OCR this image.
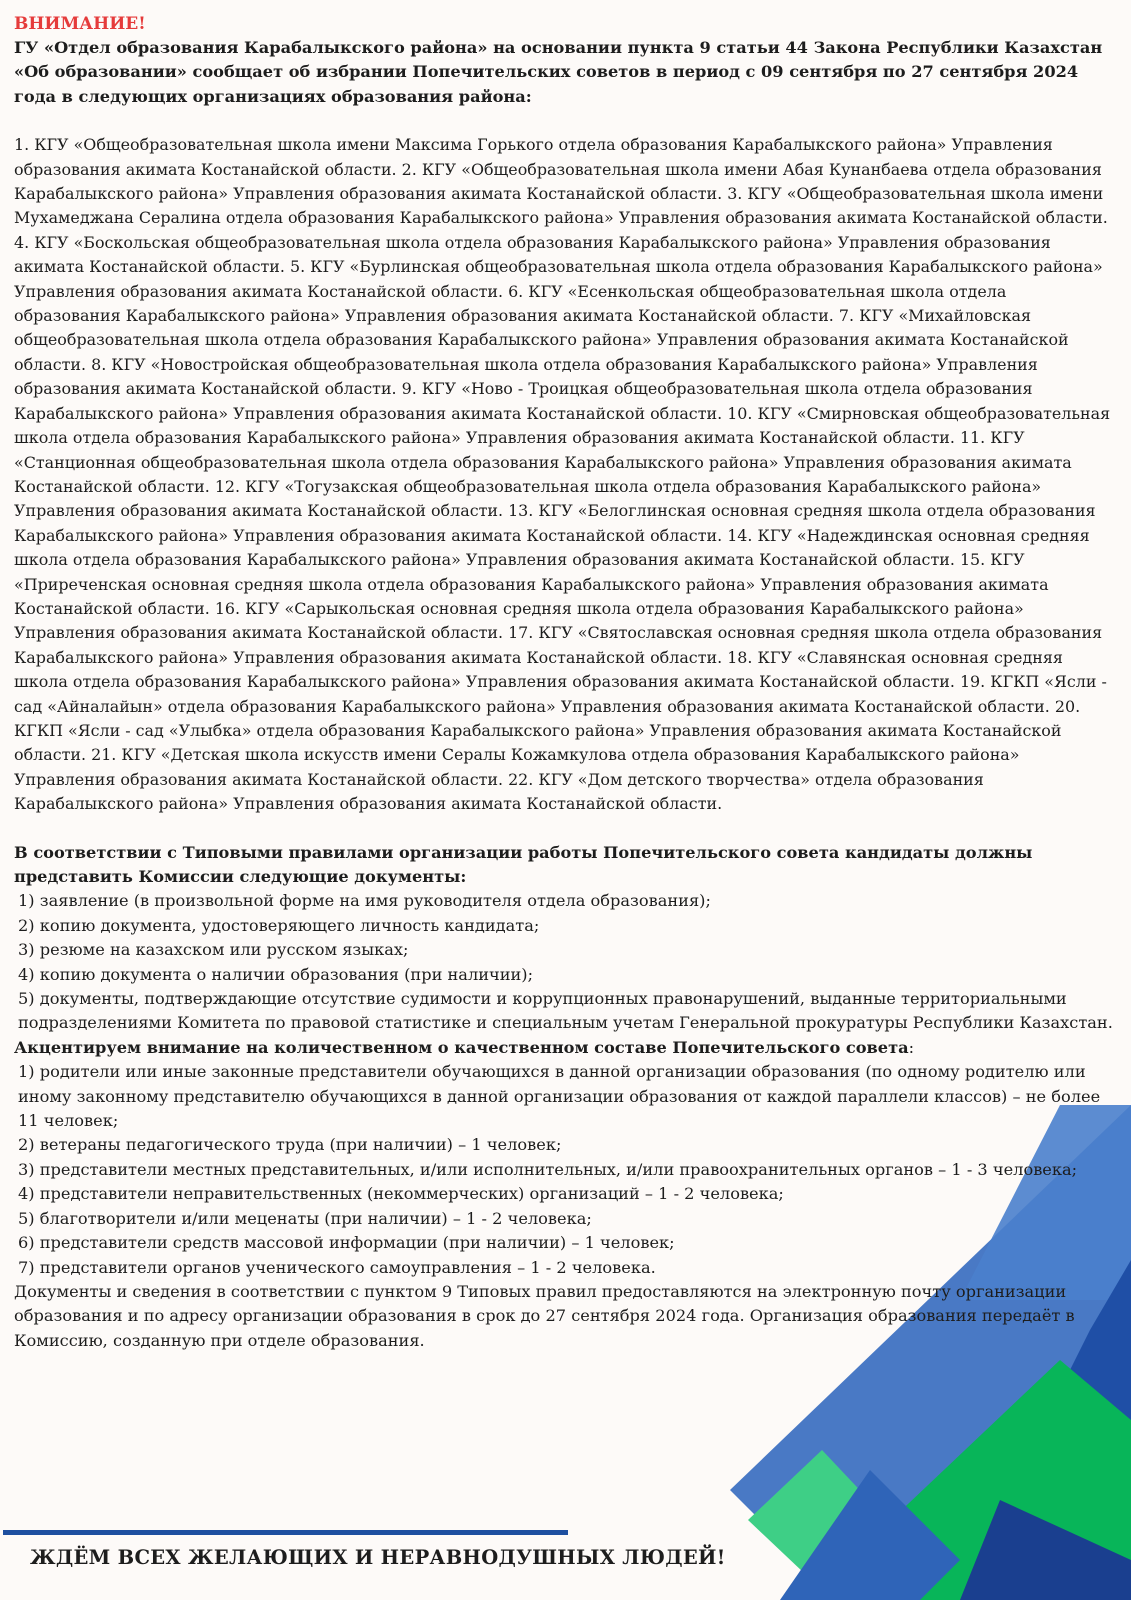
ВНИМАНИЕ!

ГУ «Отдел образования Карабалыкского района» на основании пункта 9 статьи 44 Закона Республики Казахстан «Об образовании» сообщает об избрании Попечительских советов в период с 09 сентября по 27 сентября 2024 года в следующих организациях образования района:

1. КГУ «Общеобразовательная школа имени Максима Горького отдела образования Карабалыкского района» Управления образования акимата Костанайской области. 2. КГУ «Общеобразовательная школа имени Абая Кунанбаева отдела образования Карабалыкского района» Управления образования акимата Костанайской области. 3. КГУ «Общеобразовательная школа имени Мухамеджана Сералина отдела образования Карабалыкского района» Управления образования акимата Костанайской области. 4. КГУ «Боскольская общеобразовательная школа отдела образования Карабалыкского района» Управления образования акимата Костанайской области. 5. КГУ «Бурлинская общеобразовательная школа отдела образования Карабалыкского района» Управления образования акимата Костанайской области. 6. КГУ «Есенкольская общеобразовательная школа отдела образования Карабалыкского района» Управления образования акимата Костанайской области. 7. КГУ «Михайловская общеобразовательная школа отдела образования Карабалыкского района» Управления образования акимата Костанайской области. 8. КГУ «Новостройская общеобразовательная школа отдела образования Карабалыкского района» Управления образования акимата Костанайской области. 9. КГУ «Ново - Троицкая общеобразовательная школа отдела образования Карабалыкского района» Управления образования акимата Костанайской области. 10. КГУ «Смирновская общеобразовательная школа отдела образования Карабалыкского района» Управления образования акимата Костанайской области. 11. КГУ «Станционная общеобразовательная школа отдела образования Карабалыкского района» Управления образования акимата Костанайской области. 12. КГУ «Тогузакская общеобразовательная школа отдела образования Карабалыкского района» Управления образования акимата Костанайской области. 13. КГУ «Белоглинская основная средняя школа отдела образования Карабалыкского района» Управления образования акимата Костанайской области. 14. КГУ «Надеждинская основная средняя школа отдела образования Карабалыкского района» Управления образования акимата Костанайской области. 15. КГУ «Приреченская основная средняя школа отдела образования Карабалыкского района» Управления образования акимата Костанайской области. 16. КГУ «Сарыкольская основная средняя школа отдела образования Карабалыкского района» Управления образования акимата Костанайской области. 17. КГУ «Святославская основная средняя школа отдела образования Карабалыкского района» Управления образования акимата Костанайской области. 18. КГУ «Славянская основная средняя школа отдела образования Карабалыкского района» Управления образования акимата Костанайской области. 19. КГКП «Ясли - сад «Айналайын» отдела образования Карабалыкского района» Управления образования акимата Костанайской области. 20. КГКП «Ясли - сад «Улыбка» отдела образования Карабалыкского района» Управления образования акимата Костанайской области. 21. КГУ «Детская школа искусств имени Сералы Кожамкулова отдела образования Карабалыкского района» Управления образования акимата Костанайской области. 22. КГУ «Дом детского творчества» отдела образования Карабалыкского района» Управления образования акимата Костанайской области.

В соответствии с Типовыми правилами организации работы Попечительского совета кандидаты должны представить Комиссии следующие документы:
1) заявление (в произвольной форме на имя руководителя отдела образования);
2) копию документа, удостоверяющего личность кандидата;
3) резюме на казахском или русском языках;
4) копию документа о наличии образования (при наличии);
5) документы, подтверждающие отсутствие судимости и коррупционных правонарушений, выданные территориальными подразделениями Комитета по правовой статистике и специальным учетам Генеральной прокуратуры Республики Казахстан.
Акцентируем внимание на количественном о качественном составе Попечительского совета:
1) родители или иные законные представители обучающихся в данной организации образования (по одному родителю или иному законному представителю обучающихся в данной организации образования от каждой параллели классов) – не более 11 человек;
2) ветераны педагогического труда (при наличии) – 1 человек;
3) представители местных представительных, и/или исполнительных, и/или правоохранительных органов – 1 - 3 человека;
4) представители неправительственных (некоммерческих) организаций – 1 - 2 человека;
5) благотворители и/или меценаты (при наличии) – 1 - 2 человека;
6) представители средств массовой информации (при наличии) – 1 человек;
7) представители органов ученического самоуправления – 1 - 2 человека.
Документы и сведения в соответствии с пунктом 9 Типовых правил предоставляются на электронную почту организации образования и по адресу организации образования в срок до 27 сентября 2024 года. Организация образования передаёт в Комиссию, созданную при отделе образования.
ЖДЁМ ВСЕХ ЖЕЛАЮЩИХ И НЕРАВНОДУШНЫХ ЛЮДЕЙ!
